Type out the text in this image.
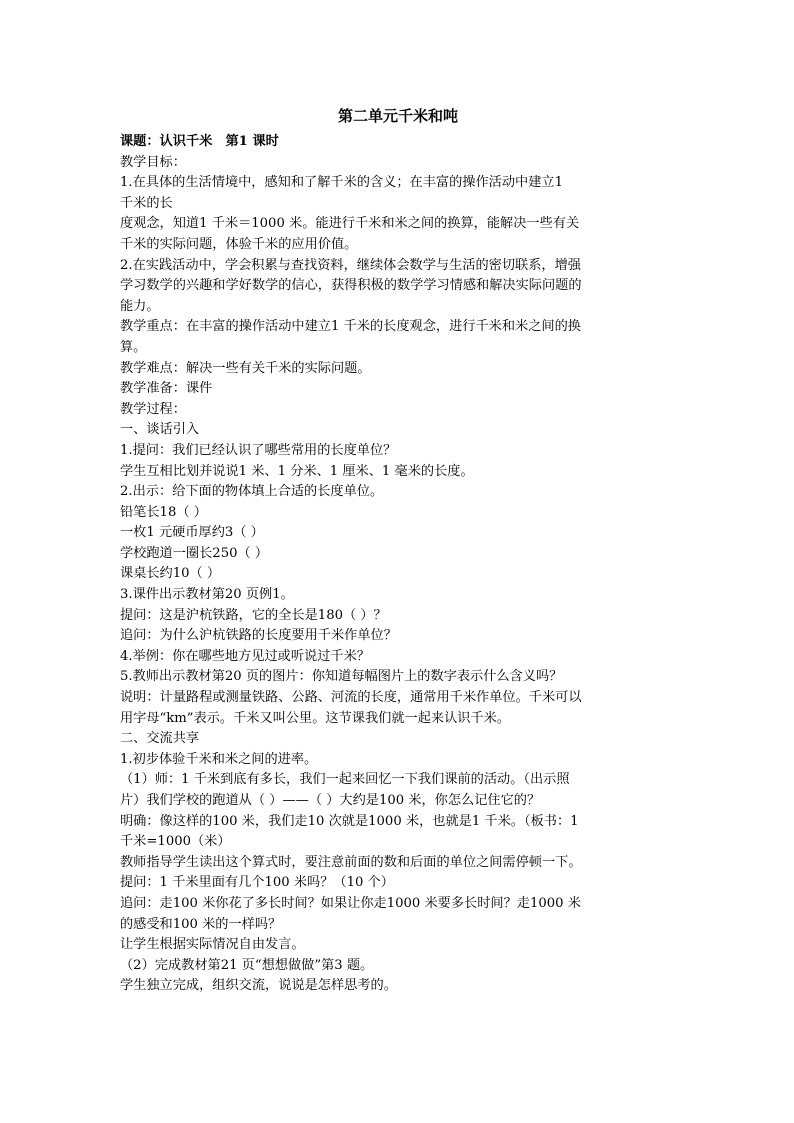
第二单元千米和吨

课题：认识千米　第1 课时

教学目标：

1.在具体的生活情境中，感知和了解千米的含义；在丰富的操作活动中建立1

千米的长

度观念，知道1 千米＝1000 米。能进行千米和米之间的换算，能解决一些有关

千米的实际问题，体验千米的应用价值。

2.在实践活动中，学会积累与查找资料，继续体会数学与生活的密切联系，增强

学习数学的兴趣和学好数学的信心，获得积极的数学学习情感和解决实际问题的

能力。

教学重点：在丰富的操作活动中建立1 千米的长度观念，进行千米和米之间的换

算。

教学难点：解决一些有关千米的实际问题。

教学准备：课件

教学过程：

一、谈话引入

1.提问：我们已经认识了哪些常用的长度单位？

学生互相比划并说说1 米、1 分米、1 厘米、1 毫米的长度。

2.出示：给下面的物体填上合适的长度单位。

铅笔长18（ ）

一枚1 元硬币厚约3（ ）

学校跑道一圈长250（ ）

课桌长约10（ ）

3.课件出示教材第20 页例1。

提问：这是沪杭铁路，它的全长是180（ ）？

追问：为什么沪杭铁路的长度要用千米作单位？

4.举例：你在哪些地方见过或听说过千米？

5.教师出示教材第20 页的图片：你知道每幅图片上的数字表示什么含义吗？

说明：计量路程或测量铁路、公路、河流的长度，通常用千米作单位。千米可以

用字母“km”表示。千米又叫公里。这节课我们就一起来认识千米。

二、交流共享

1.初步体验千米和米之间的进率。

（1）师：1 千米到底有多长，我们一起来回忆一下我们课前的活动。（出示照

片）我们学校的跑道从（ ）——（ ）大约是100 米，你怎么记住它的？

明确：像这样的100 米，我们走10 次就是1000 米，也就是1 千米。（板书：1

千米=1000（米）

教师指导学生读出这个算式时，要注意前面的数和后面的单位之间需停顿一下。

提问：1 千米里面有几个100 米吗？（10 个）

追问：走100 米你花了多长时间？如果让你走1000 米要多长时间？走1000 米

的感受和100 米的一样吗？

让学生根据实际情况自由发言。

（2）完成教材第21 页“想想做做”第3 题。

学生独立完成，组织交流，说说是怎样思考的。
